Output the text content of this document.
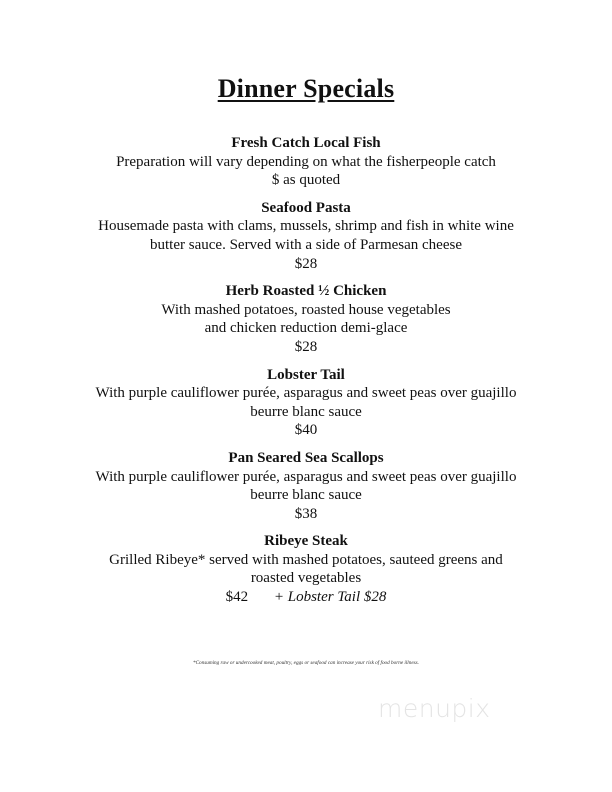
Dinner Specials
Fresh Catch Local Fish
Preparation will vary depending on what the fisherpeople catch
$ as quoted
Seafood Pasta
Housemade pasta with clams, mussels, shrimp and fish in white wine
butter sauce. Served with a side of Parmesan cheese
$28
Herb Roasted ½ Chicken
With mashed potatoes, roasted house vegetables
and chicken reduction demi-glace
$28
Lobster Tail
With purple cauliflower purée, asparagus and sweet peas over guajillo
beurre blanc sauce
$40
Pan Seared Sea Scallops
With purple cauliflower purée, asparagus and sweet peas over guajillo
beurre blanc sauce
$38
Ribeye Steak
Grilled Ribeye* served with mashed potatoes, sauteed greens and
roasted vegetables
$42 + Lobster Tail $28
*Consuming raw or undercooked meat, poultry, eggs or seafood can increase your risk of food borne illness.
menupix
